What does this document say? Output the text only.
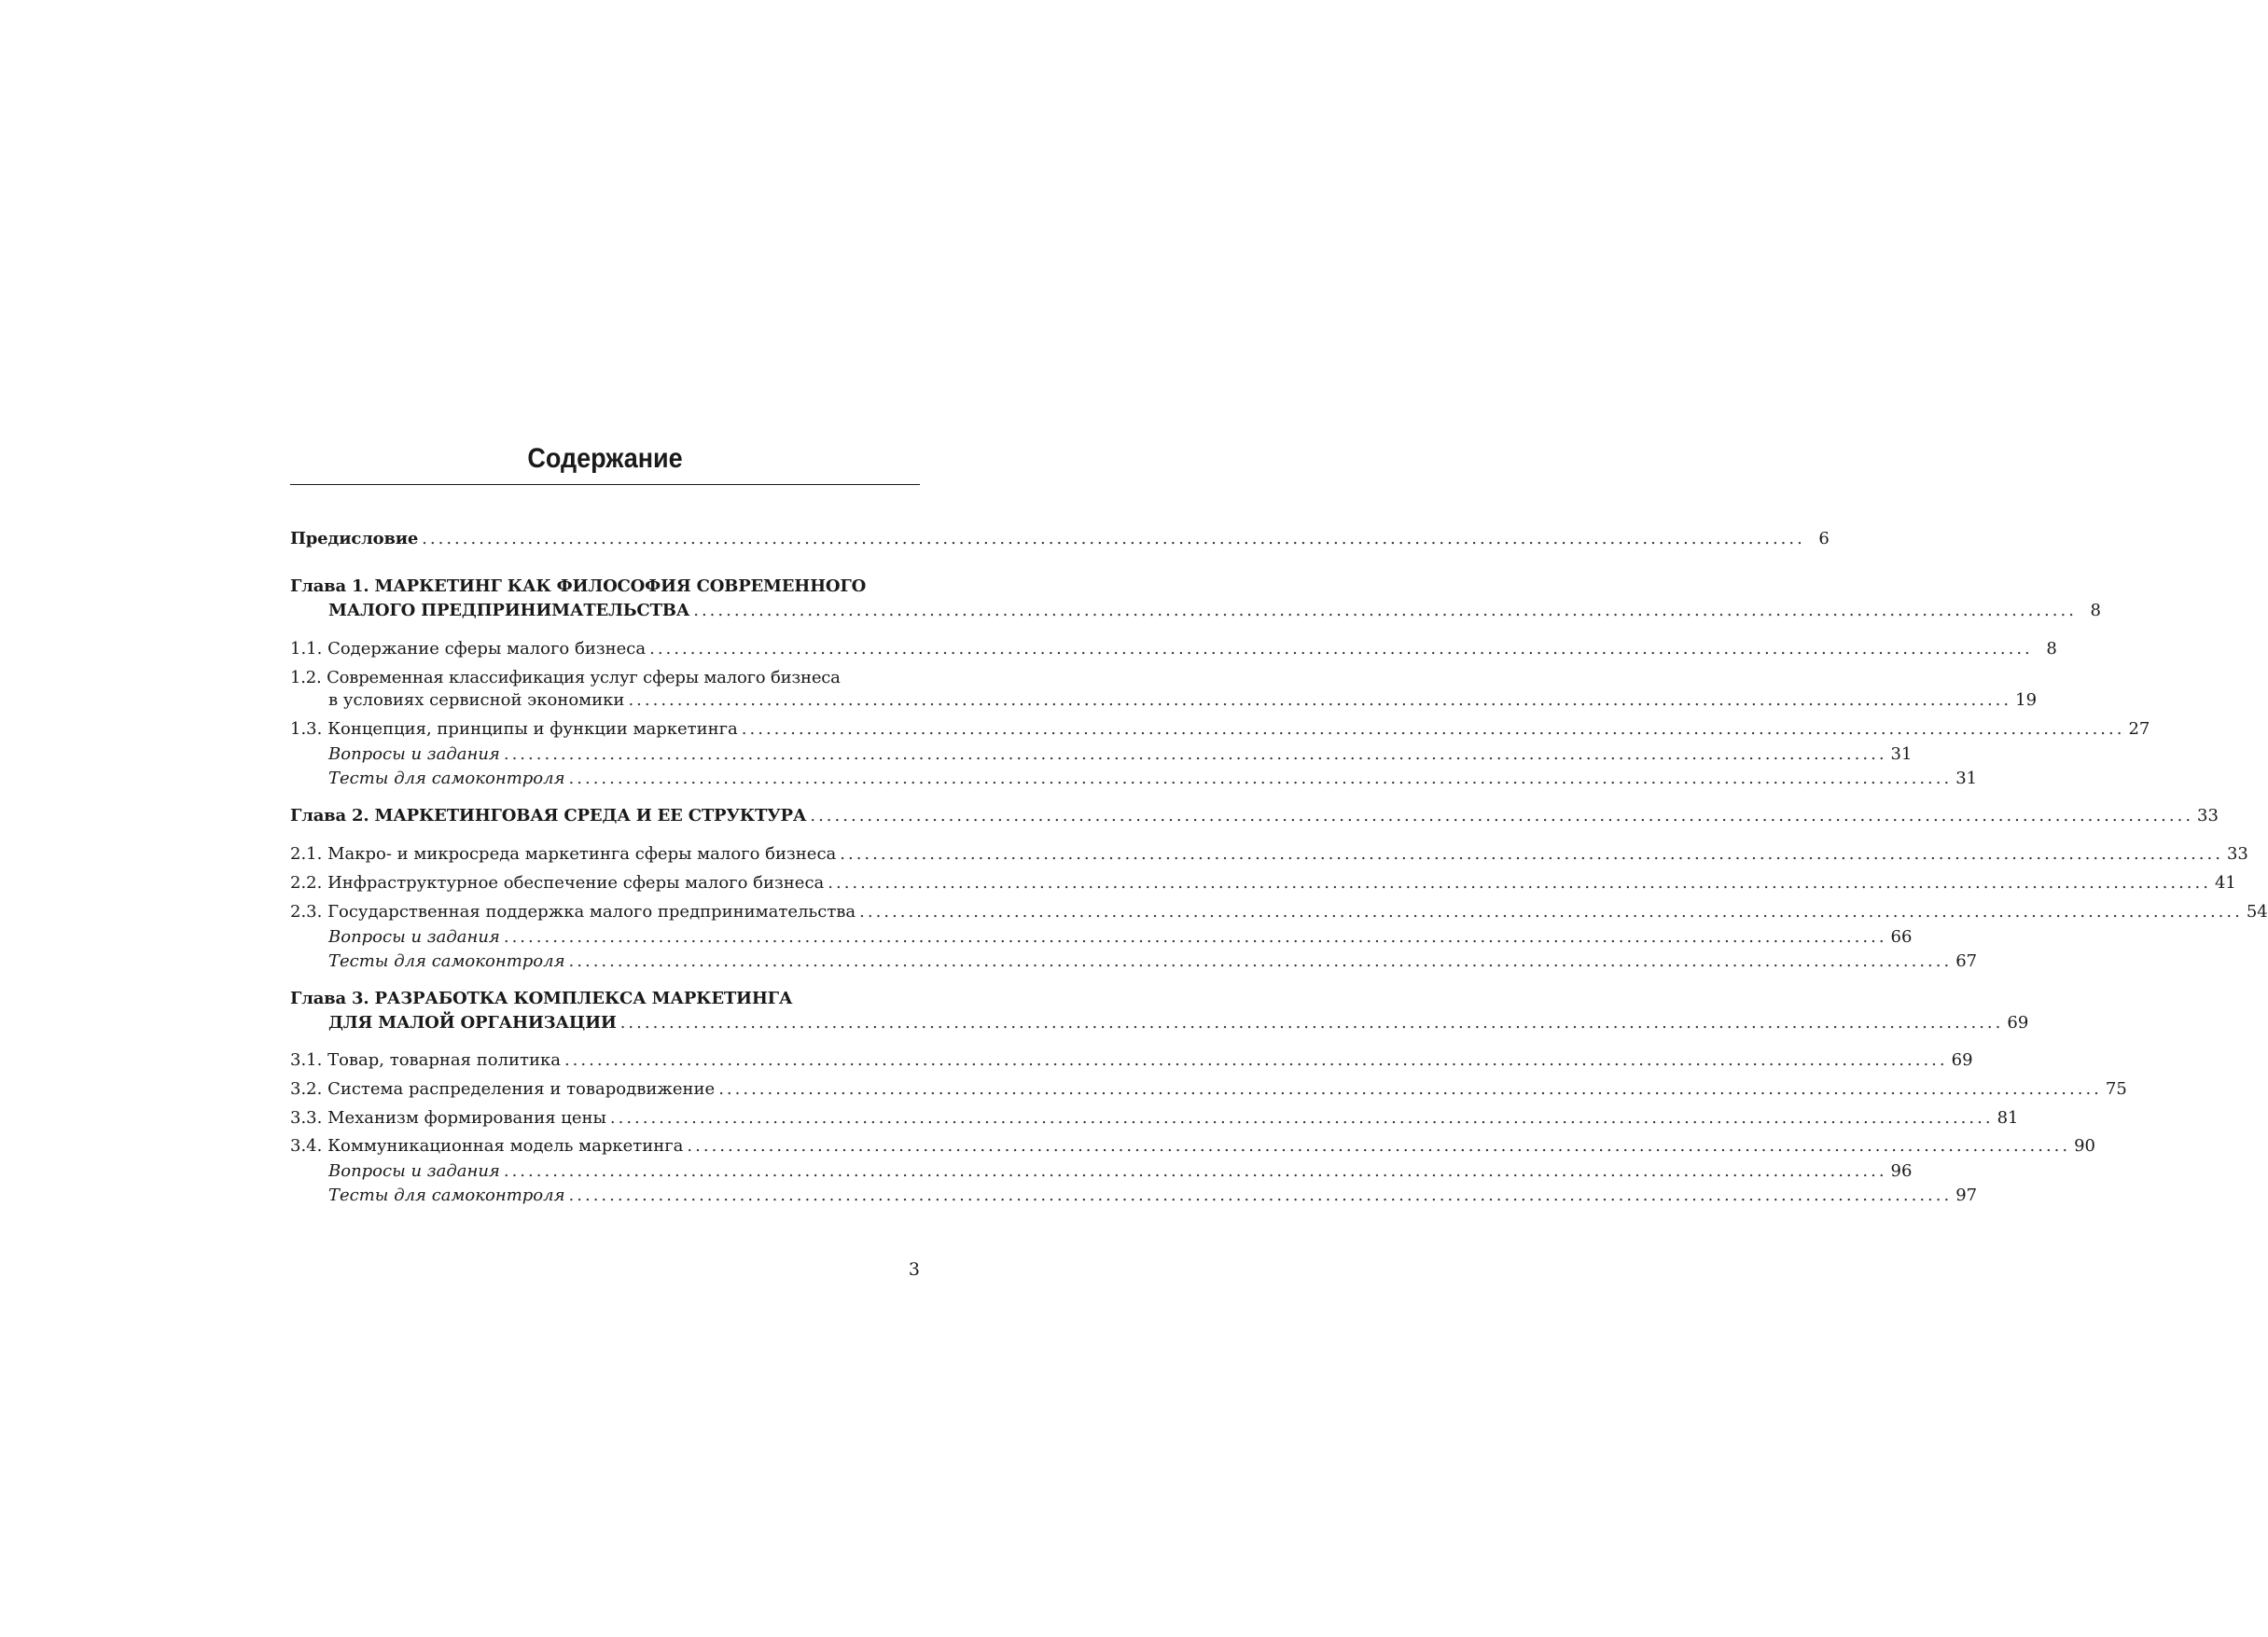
Содержание
Предисловие .....	6
Глава 1. МАРКЕТИНГ КАК ФИЛОСОФИЯ СОВРЕМЕННОГО
МАЛОГО ПРЕДПРИНИМАТЕЛЬСТВА .....	8
1.1. Содержание сферы малого бизнеса .....	8
1.2. Современная классификация услуг сферы малого бизнеса
в условиях сервисной экономики .....	19
1.3. Концепция, принципы и функции маркетинга .....	27
Вопросы и задания .....	31
Тесты для самоконтроля .....	31
Глава 2. МАРКЕТИНГОВАЯ СРЕДА И ЕЕ СТРУКТУРА .....	33
2.1. Макро- и микросреда маркетинга сферы малого бизнеса .....	33
2.2. Инфраструктурное обеспечение сферы малого бизнеса .....	41
2.3. Государственная поддержка малого предпринимательства .....	54
Вопросы и задания .....	66
Тесты для самоконтроля .....	67
Глава 3. РАЗРАБОТКА КОМПЛЕКСА МАРКЕТИНГА
ДЛЯ МАЛОЙ ОРГАНИЗАЦИИ .....	69
3.1. Товар, товарная политика .....	69
3.2. Система распределения и товародвижение .....	75
3.3. Механизм формирования цены .....	81
3.4. Коммуникационная модель маркетинга .....	90
Вопросы и задания .....	96
Тесты для самоконтроля .....	97
3
